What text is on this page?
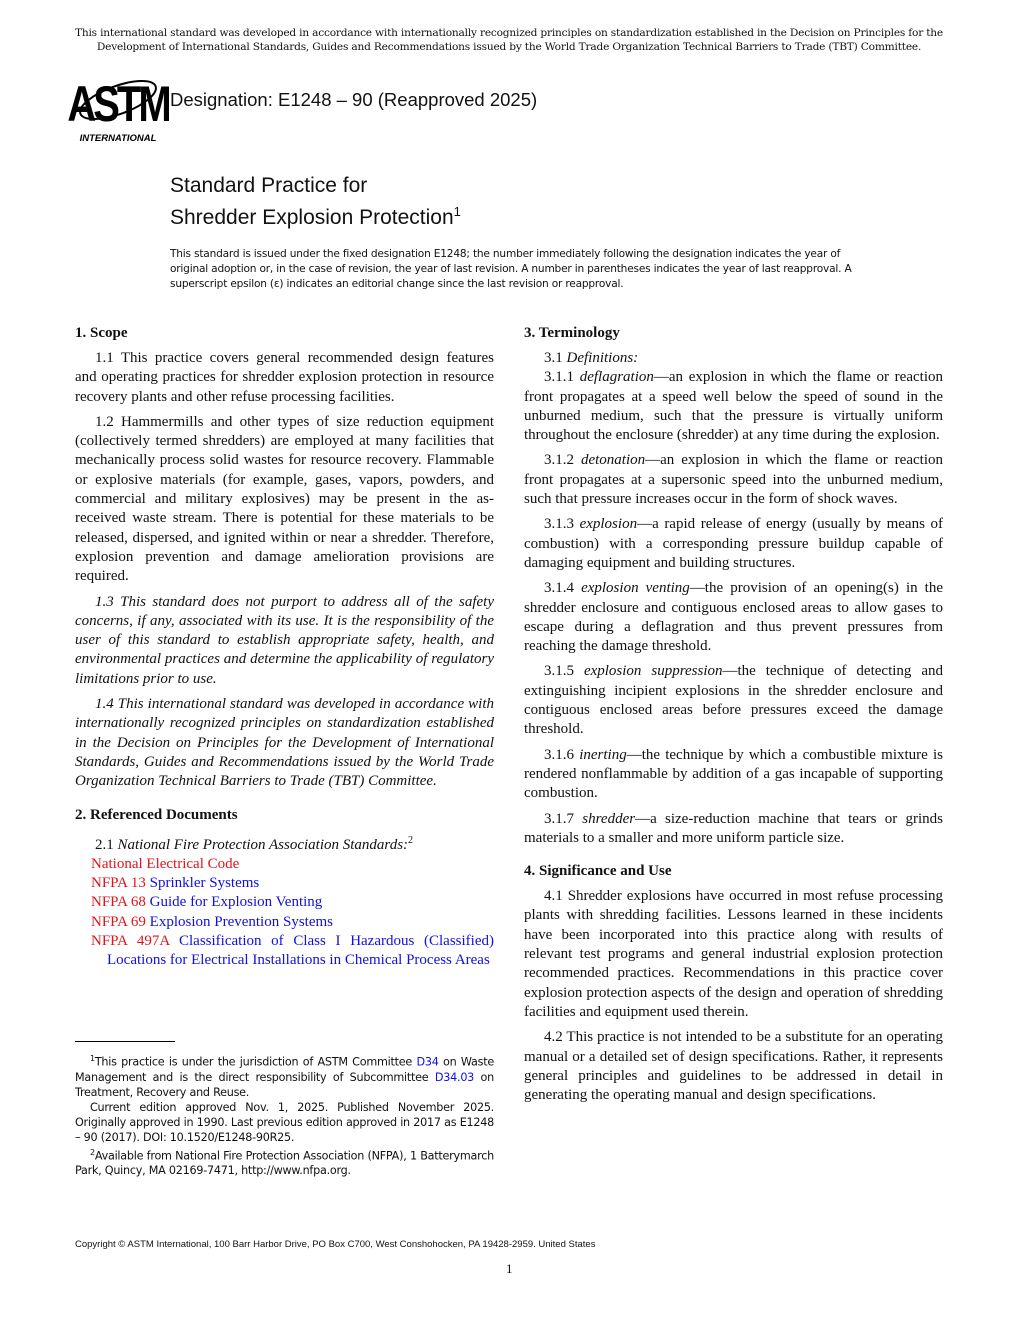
This international standard was developed in accordance with internationally recognized principles on standardization established in the Decision on Principles for the Development of International Standards, Guides and Recommendations issued by the World Trade Organization Technical Barriers to Trade (TBT) Committee.
ASTM
INTERNATIONAL
Designation: E1248 – 90 (Reapproved 2025)
Standard Practice for
Shredder Explosion Protection$^1$
This standard is issued under the fixed designation E1248; the number immediately following the designation indicates the year of original adoption or, in the case of revision, the year of last revision. A number in parentheses indicates the year of last reapproval. A superscript epsilon (ε) indicates an editorial change since the last revision or reapproval.
1. Scope

1.1 This practice covers general recommended design features and operating practices for shredder explosion protection in resource recovery plants and other refuse processing facilities.

1.2 Hammermills and other types of size reduction equipment (collectively termed shredders) are employed at many facilities that mechanically process solid wastes for resource recovery. Flammable or explosive materials (for example, gases, vapors, powders, and commercial and military explosives) may be present in the as-received waste stream. There is potential for these materials to be released, dispersed, and ignited within or near a shredder. Therefore, explosion prevention and damage amelioration provisions are required.

1.3 This standard does not purport to address all of the safety concerns, if any, associated with its use. It is the responsibility of the user of this standard to establish appropriate safety, health, and environmental practices and determine the applicability of regulatory limitations prior to use.

1.4 This international standard was developed in accordance with internationally recognized principles on standardization established in the Decision on Principles for the Development of International Standards, Guides and Recommendations issued by the World Trade Organization Technical Barriers to Trade (TBT) Committee.

2. Referenced Documents

2.1 National Fire Protection Association Standards:$^2$

National Electrical Code
NFPA 13 Sprinkler Systems
NFPA 68 Guide for Explosion Venting
NFPA 69 Explosion Prevention Systems
NFPA 497A Classification of Class I Hazardous (Classified) Locations for Electrical Installations in Chemical Process Areas
3. Terminology

3.1 Definitions:

3.1.1 deflagration—an explosion in which the flame or reaction front propagates at a speed well below the speed of sound in the unburned medium, such that the pressure is virtually uniform throughout the enclosure (shredder) at any time during the explosion.

3.1.2 detonation—an explosion in which the flame or reaction front propagates at a supersonic speed into the unburned medium, such that pressure increases occur in the form of shock waves.

3.1.3 explosion—a rapid release of energy (usually by means of combustion) with a corresponding pressure buildup capable of damaging equipment and building structures.

3.1.4 explosion venting—the provision of an opening(s) in the shredder enclosure and contiguous enclosed areas to allow gases to escape during a deflagration and thus prevent pressures from reaching the damage threshold.

3.1.5 explosion suppression—the technique of detecting and extinguishing incipient explosions in the shredder enclosure and contiguous enclosed areas before pressures exceed the damage threshold.

3.1.6 inerting—the technique by which a combustible mixture is rendered nonflammable by addition of a gas incapable of supporting combustion.

3.1.7 shredder—a size-reduction machine that tears or grinds materials to a smaller and more uniform particle size.

4. Significance and Use

4.1 Shredder explosions have occurred in most refuse processing plants with shredding facilities. Lessons learned in these incidents have been incorporated into this practice along with results of relevant test programs and general industrial explosion protection recommended practices. Recommendations in this practice cover explosion protection aspects of the design and operation of shredding facilities and equipment used therein.

4.2 This practice is not intended to be a substitute for an operating manual or a detailed set of design specifications. Rather, it represents general principles and guidelines to be addressed in detail in generating the operating manual and design specifications.

$^1$This practice is under the jurisdiction of ASTM Committee D34 on Waste Management and is the direct responsibility of Subcommittee D34.03 on Treatment, Recovery and Reuse.

Current edition approved Nov. 1, 2025. Published November 2025. Originally approved in 1990. Last previous edition approved in 2017 as E1248 – 90 (2017). DOI: 10.1520/E1248-90R25.

$^2$Available from National Fire Protection Association (NFPA), 1 Batterymarch Park, Quincy, MA 02169-7471, http://www.nfpa.org.

Copyright © ASTM International, 100 Barr Harbor Drive, PO Box C700, West Conshohocken, PA 19428-2959. United States
1
